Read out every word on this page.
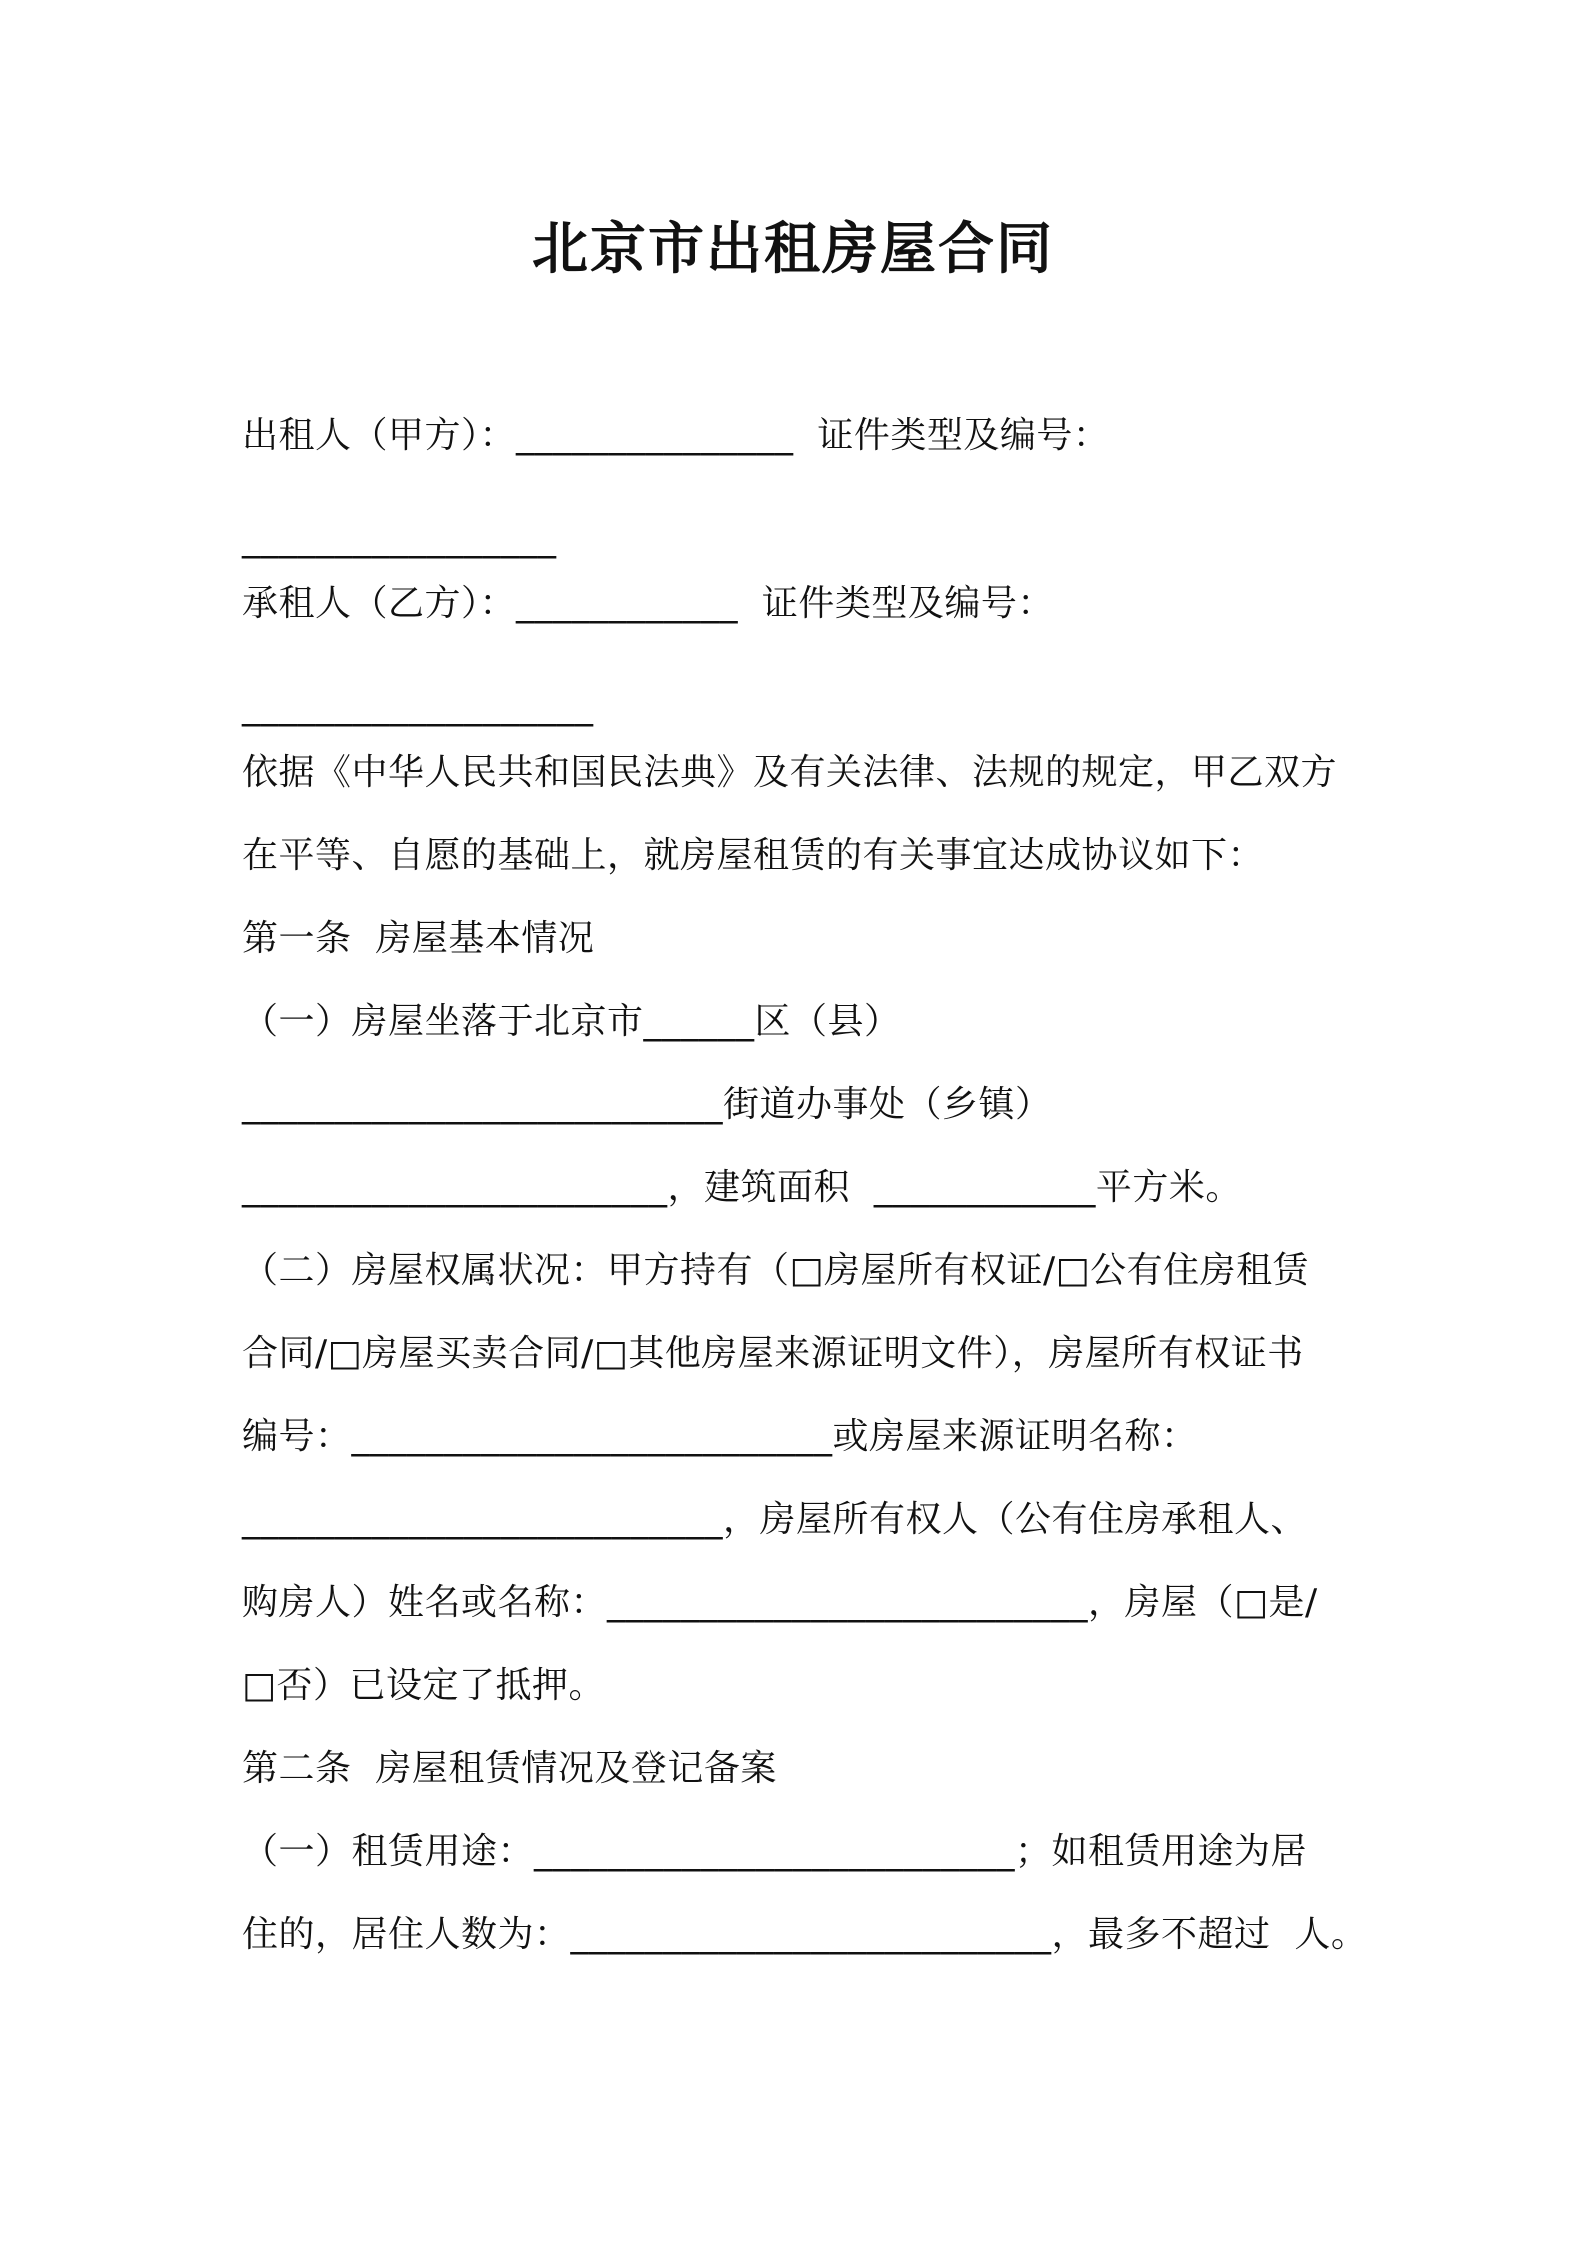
北京市出租房屋合同
出租人（甲方）：_______________  证件类型及编号：
_________________
承租人（乙方）：____________  证件类型及编号：
___________________
依据《中华人民共和国民法典》及有关法律、法规的规定，甲乙双方
在平等、自愿的基础上，就房屋租赁的有关事宜达成协议如下：
第一条  房屋基本情况
（一）房屋坐落于北京市______区（县）
__________________________街道办事处（乡镇）
_______________________，建筑面积  ____________平方米。
（二）房屋权属状况：甲方持有（□房屋所有权证/□公有住房租赁
合同/□房屋买卖合同/□其他房屋来源证明文件），房屋所有权证书
编号：__________________________或房屋来源证明名称：
__________________________，房屋所有权人（公有住房承租人、
购房人）姓名或名称：__________________________，房屋（□是/
□否）已设定了抵押。
第二条  房屋租赁情况及登记备案
（一）租赁用途：__________________________；如租赁用途为居
住的，居住人数为：__________________________，最多不超过  人。
